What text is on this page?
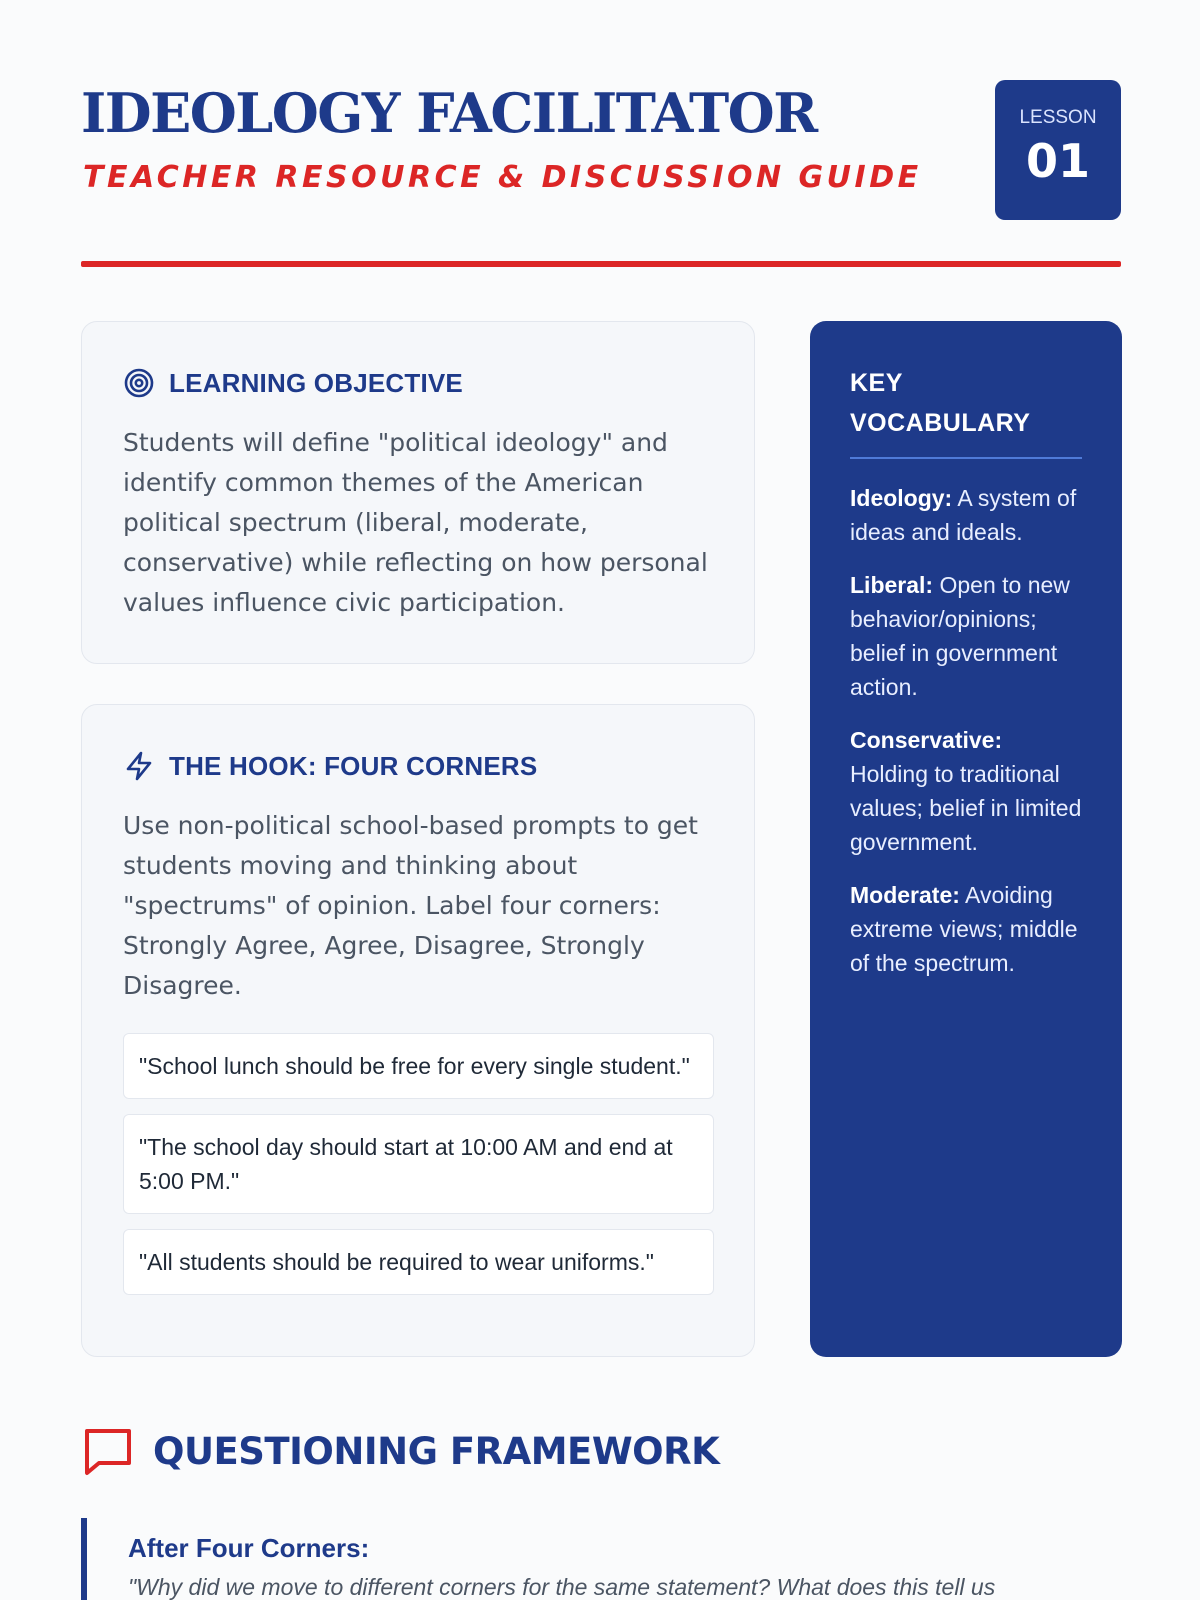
IDEOLOGY FACILITATOR
TEACHER RESOURCE & DISCUSSION GUIDE
LESSON
01
LEARNING OBJECTIVE

Students will define "political ideology" and identify common themes of the American political spectrum (liberal, moderate, conservative) while reflecting on how personal values influence civic participation.

THE HOOK: FOUR CORNERS

Use non-political school-based prompts to get students moving and thinking about "spectrums" of opinion. Label four corners: Strongly Agree, Agree, Disagree, Strongly Disagree.

"School lunch should be free for every single student."
"The school day should start at 10:00 AM and end at 5:00 PM."
"All students should be required to wear uniforms."
KEY VOCABULARY

Ideology: A system of ideas and ideals.

Liberal: Open to new behavior/opinions; belief in government action.

Conservative:
Holding to traditional values; belief in limited government.

Moderate: Avoiding extreme views; middle of the spectrum.

QUESTIONING FRAMEWORK
After Four Corners:
"Why did we move to different corners for the same statement? What does this tell us
